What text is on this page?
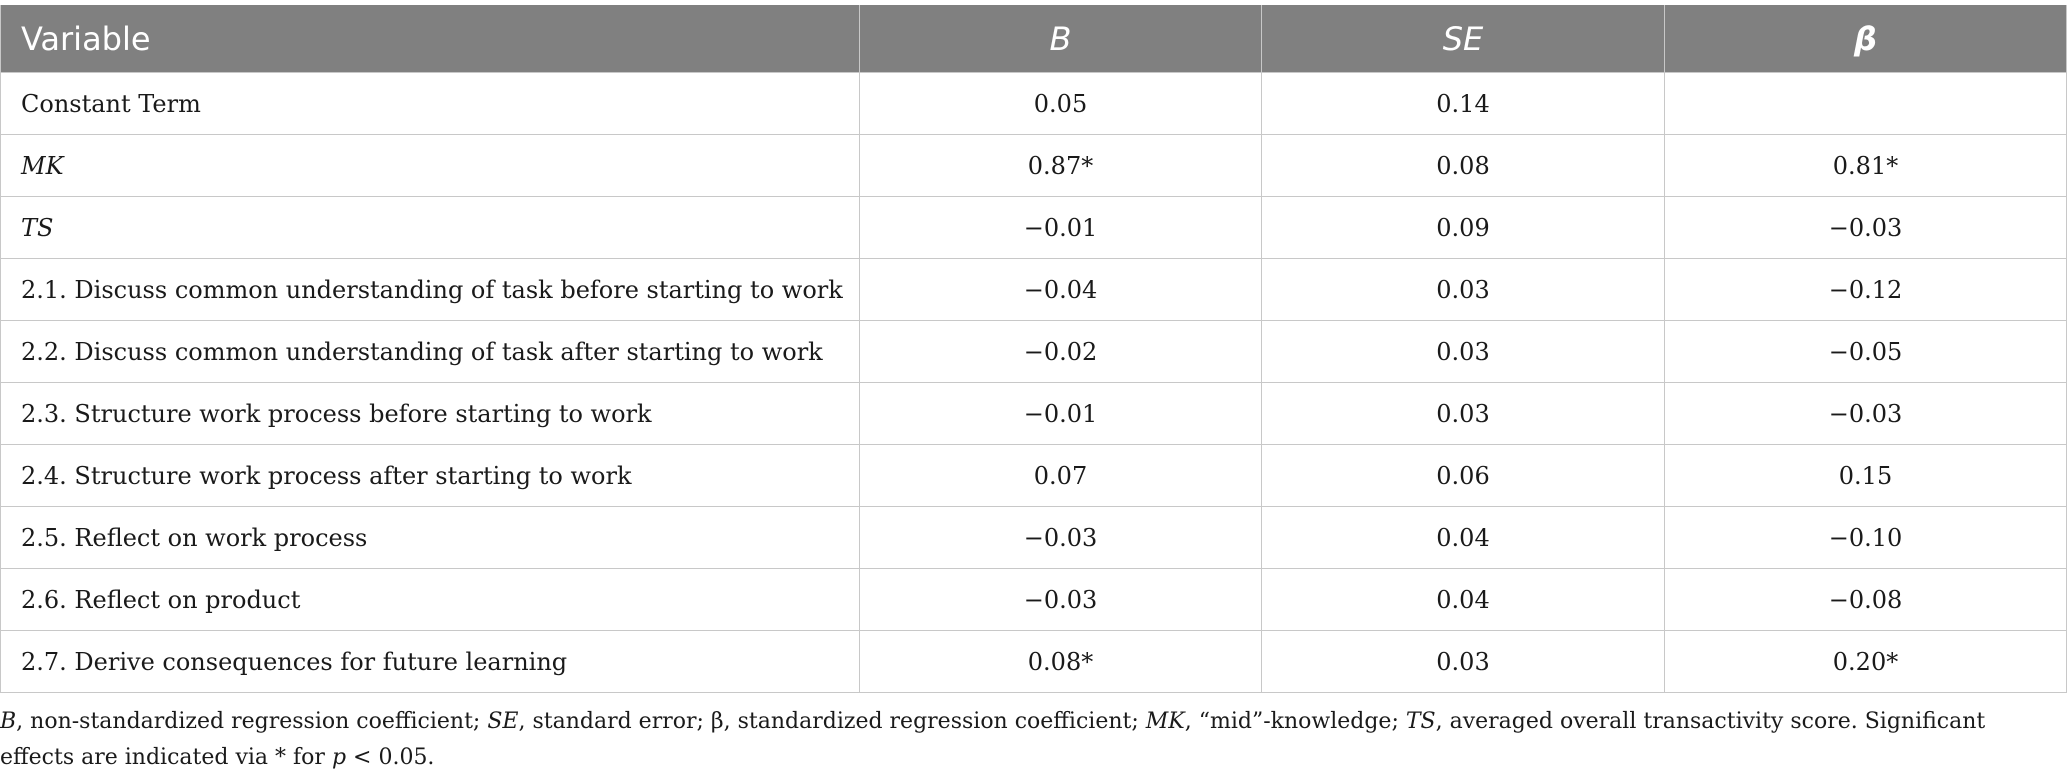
Variable	B	SE	β
Constant Term	0.05	0.14	
MK	0.87*	0.08	0.81*
TS	−0.01	0.09	−0.03
2.1. Discuss common understanding of task before starting to work	−0.04	0.03	−0.12
2.2. Discuss common understanding of task after starting to work	−0.02	0.03	−0.05
2.3. Structure work process before starting to work	−0.01	0.03	−0.03
2.4. Structure work process after starting to work	0.07	0.06	0.15
2.5. Reflect on work process	−0.03	0.04	−0.10
2.6. Reflect on product	−0.03	0.04	−0.08
2.7. Derive consequences for future learning	0.08*	0.03	0.20*
B, non-standardized regression coefficient; SE, standard error; β, standardized regression coefficient; MK, “mid”-knowledge; TS, averaged overall transactivity score. Significant effects are indicated via * for p < 0.05.
